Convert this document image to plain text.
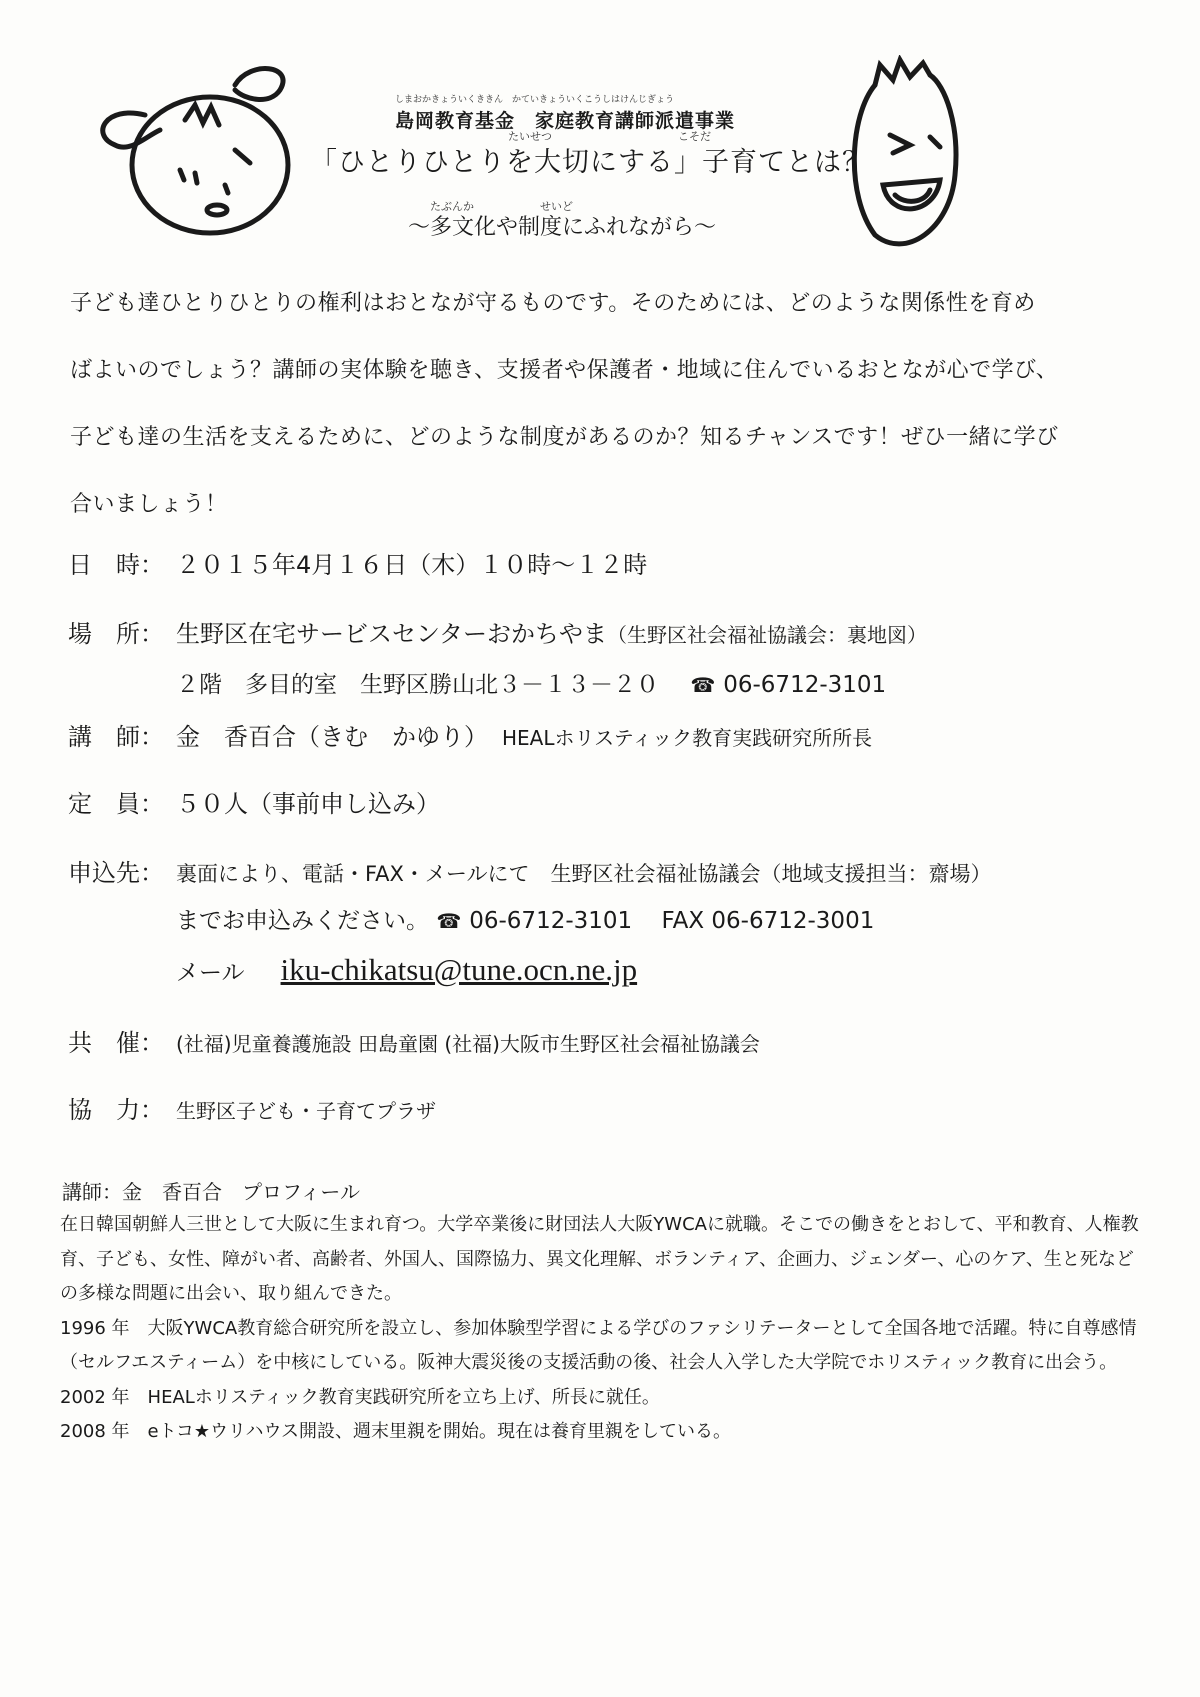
しまおかきょういくききん　かていきょういくこうしはけんじぎょう
島岡教育基金　家庭教育講師派遣事業
たいせつ	こそだ
「ひとりひとりを大切にする」子育てとは？
たぶんか	せいど
～多文化や制度にふれながら～
子ども達ひとりひとりの権利はおとなが守るものです。そのためには、どのような関係性を育め
ばよいのでしょう？講師の実体験を聴き、支援者や保護者・地域に住んでいるおとなが心で学び、
子ども達の生活を支えるために、どのような制度があるのか？知るチャンスです！ぜひ一緒に学び
合いましょう！
日　時： ２０１５年4月１６日（木）１０時～１２時
場　所： 生野区在宅サービスセンターおかちやま（生野区社会福祉協議会：裏地図）
２階　多目的室　生野区勝山北３－１３－２０ ☎ 06-6712-3101
講　師： 金　香百合（きむ　かゆり） HEALホリスティック教育実践研究所所長
定　員： ５０人（事前申し込み）
申込先： 裏面により、電話・FAX・メールにて　生野区社会福祉協議会（地域支援担当：齋場）
までお申込みください。 ☎ 06-6712-3101 FAX 06-6712-3001
メール iku-chikatsu@tune.ocn.ne.jp
共　催： (社福)児童養護施設 田島童園 (社福)大阪市生野区社会福祉協議会
協　力： 生野区子ども・子育てプラザ
講師：金　香百合　プロフィール

在日韓国朝鮮人三世として大阪に生まれ育つ。大学卒業後に財団法人大阪YWCAに就職。そこでの働きをとおして、平和教育、人権教育、子ども、女性、障がい者、高齢者、外国人、国際協力、異文化理解、ボランティア、企画力、ジェンダー、心のケア、生と死などの多様な問題に出会い、取り組んできた。

1996 年　大阪YWCA教育総合研究所を設立し、参加体験型学習による学びのファシリテーターとして全国各地で活躍。特に自尊感情（セルフエスティーム）を中核にしている。阪神大震災後の支援活動の後、社会人入学した大学院でホリスティック教育に出会う。

2002 年　HEALホリスティック教育実践研究所を立ち上げ、所長に就任。

2008 年　eトコ★ウリハウス開設、週末里親を開始。現在は養育里親をしている。
